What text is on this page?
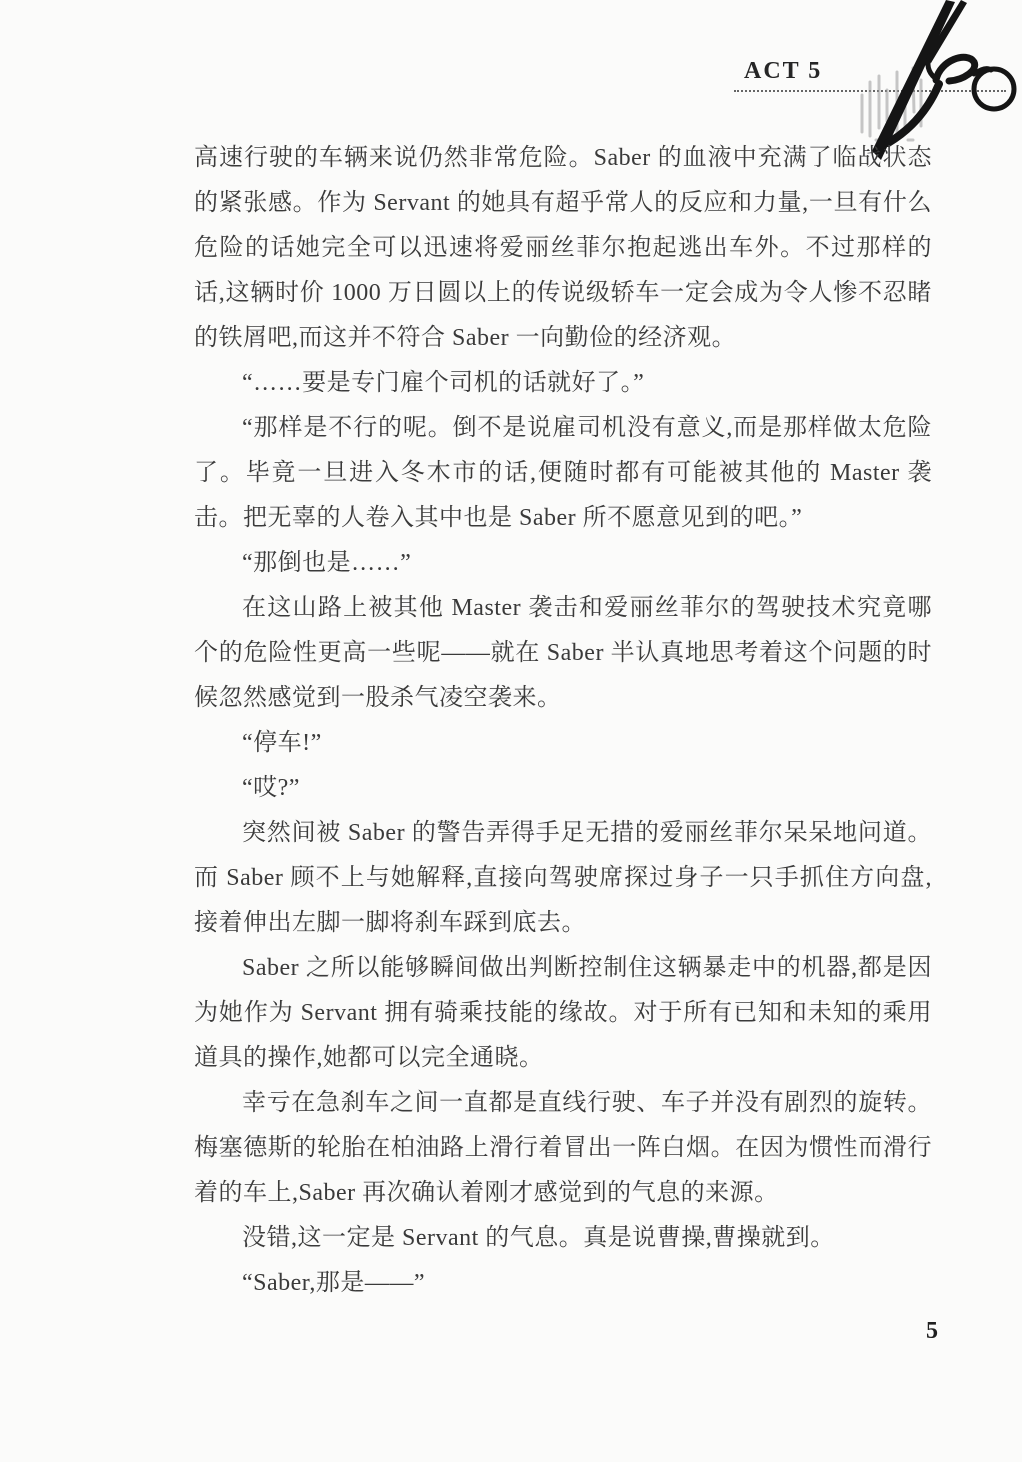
ACT 5

高速行驶的车辆来说仍然非常危险。Saber 的血液中充满了临战状态的紧张感。作为 Servant 的她具有超乎常人的反应和力量,一旦有什么危险的话她完全可以迅速将爱丽丝菲尔抱起逃出车外。不过那样的话,这辆时价 1000 万日圆以上的传说级轿车一定会成为令人惨不忍睹的铁屑吧,而这并不符合 Saber 一向勤俭的经济观。

“……要是专门雇个司机的话就好了。”

“那样是不行的呢。倒不是说雇司机没有意义,而是那样做太危险了。毕竟一旦进入冬木市的话,便随时都有可能被其他的 Master 袭击。把无辜的人卷入其中也是 Saber 所不愿意见到的吧。”

“那倒也是……”

在这山路上被其他 Master 袭击和爱丽丝菲尔的驾驶技术究竟哪个的危险性更高一些呢——就在 Saber 半认真地思考着这个问题的时候忽然感觉到一股杀气凌空袭来。

“停车!”

“哎?”

突然间被 Saber 的警告弄得手足无措的爱丽丝菲尔呆呆地问道。而 Saber 顾不上与她解释,直接向驾驶席探过身子一只手抓住方向盘,接着伸出左脚一脚将刹车踩到底去。

Saber 之所以能够瞬间做出判断控制住这辆暴走中的机器,都是因为她作为 Servant 拥有骑乘技能的缘故。对于所有已知和未知的乘用道具的操作,她都可以完全通晓。

幸亏在急刹车之间一直都是直线行驶、车子并没有剧烈的旋转。梅塞德斯的轮胎在柏油路上滑行着冒出一阵白烟。在因为惯性而滑行着的车上,Saber 再次确认着刚才感觉到的气息的来源。

没错,这一定是 Servant 的气息。真是说曹操,曹操就到。

“Saber,那是——”

5
